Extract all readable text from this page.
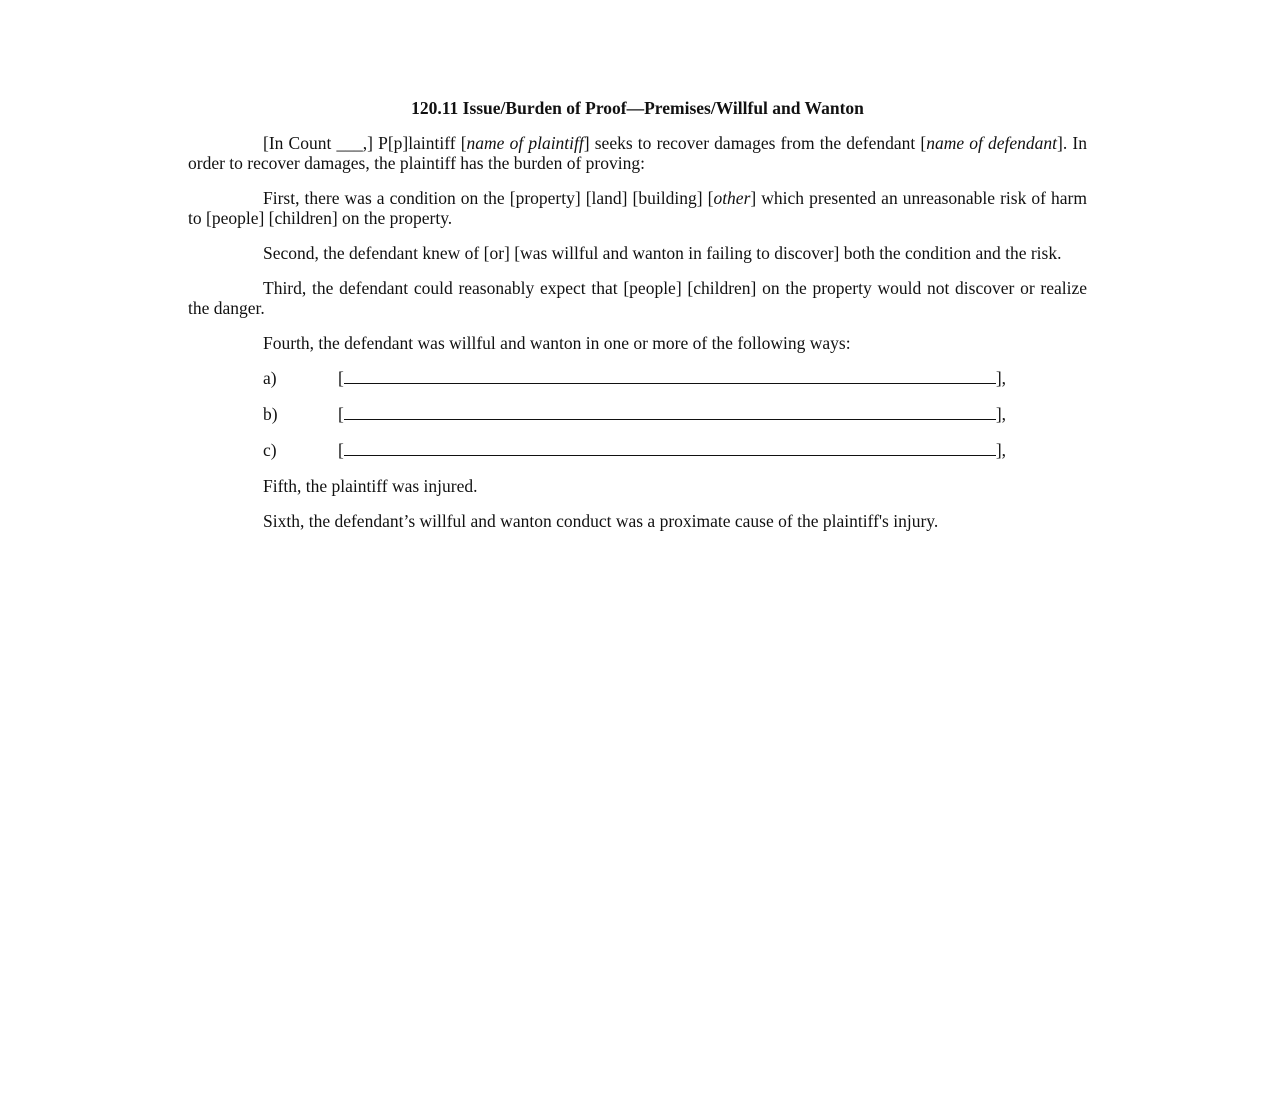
120.11 Issue/Burden of Proof—Premises/Willful and Wanton

[In Count ___,] P[p]laintiff [name of plaintiff] seeks to recover damages from the defendant [name of defendant]. In order to recover damages, the plaintiff has the burden of proving:

First, there was a condition on the [property] [land] [building] [other] which presented an unreasonable risk of harm to [people] [children] on the property.

Second, the defendant knew of [or] [was willful and wanton in failing to discover] both the condition and the risk.

Third, the defendant could reasonably expect that [people] [children] on the property would not discover or realize the danger.

Fourth, the defendant was willful and wanton in one or more of the following ways:

a)	[	],
b)	[	],
c)	[	],

Fifth, the plaintiff was injured.

Sixth, the defendant’s willful and wanton conduct was a proximate cause of the plaintiff's injury.
